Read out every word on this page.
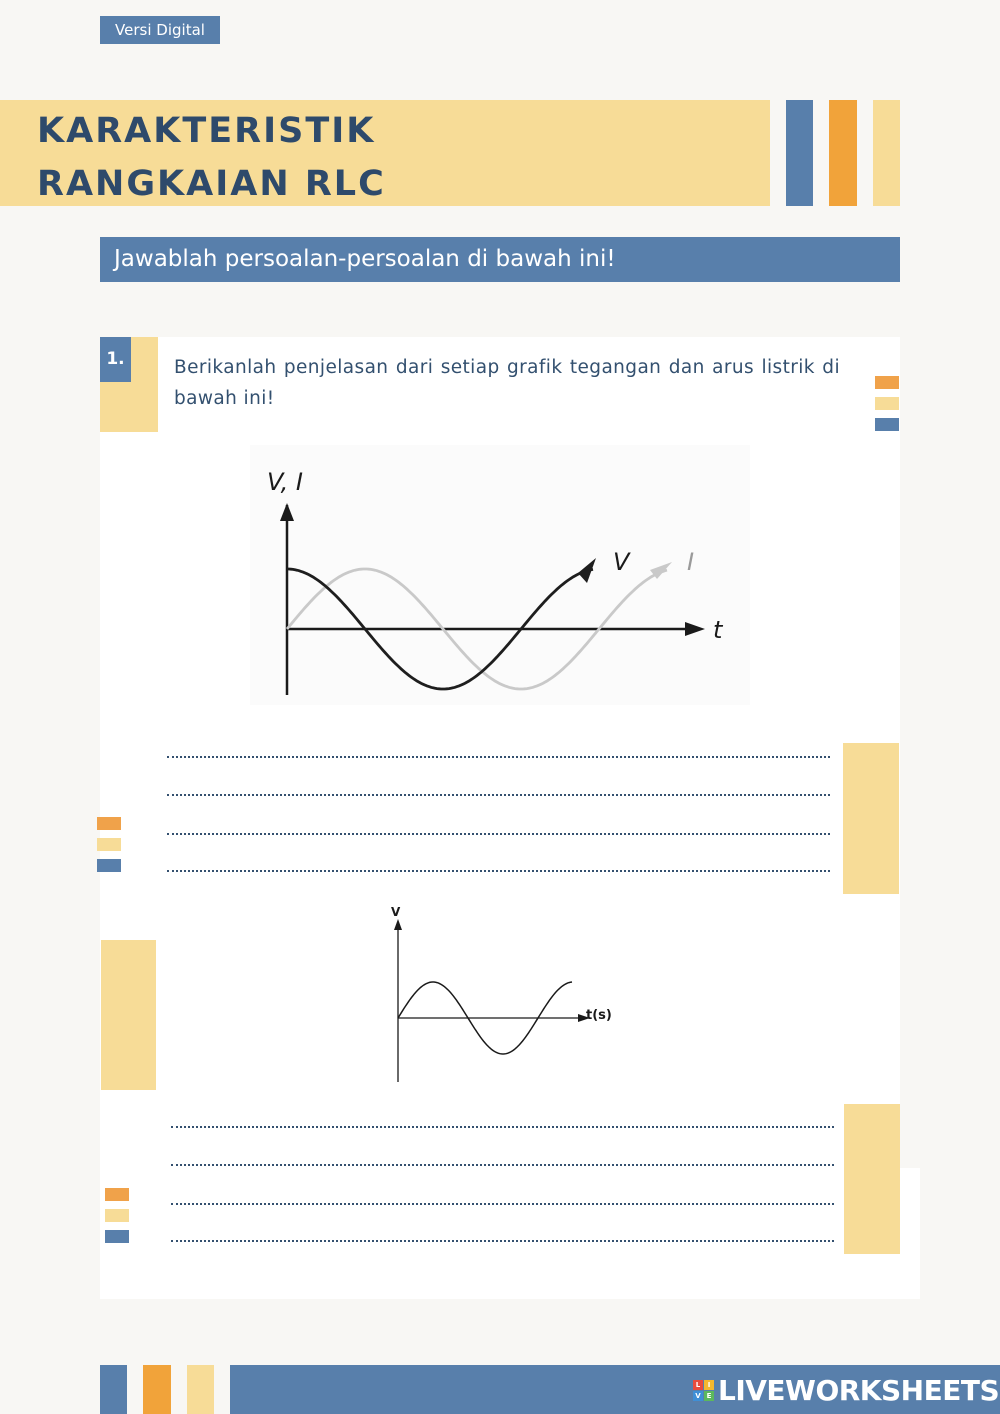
Versi Digital
KARAKTERISTIK
RANGKAIAN RLC
Jawablah persoalan-persoalan di bawah ini!
1.	Berikanlah penjelasan dari setiap grafik tegangan dan arus listrik di bawah ini!
V, I
t
V I
V
t(s)
L	I
V E LIVEWORKSHEETS
